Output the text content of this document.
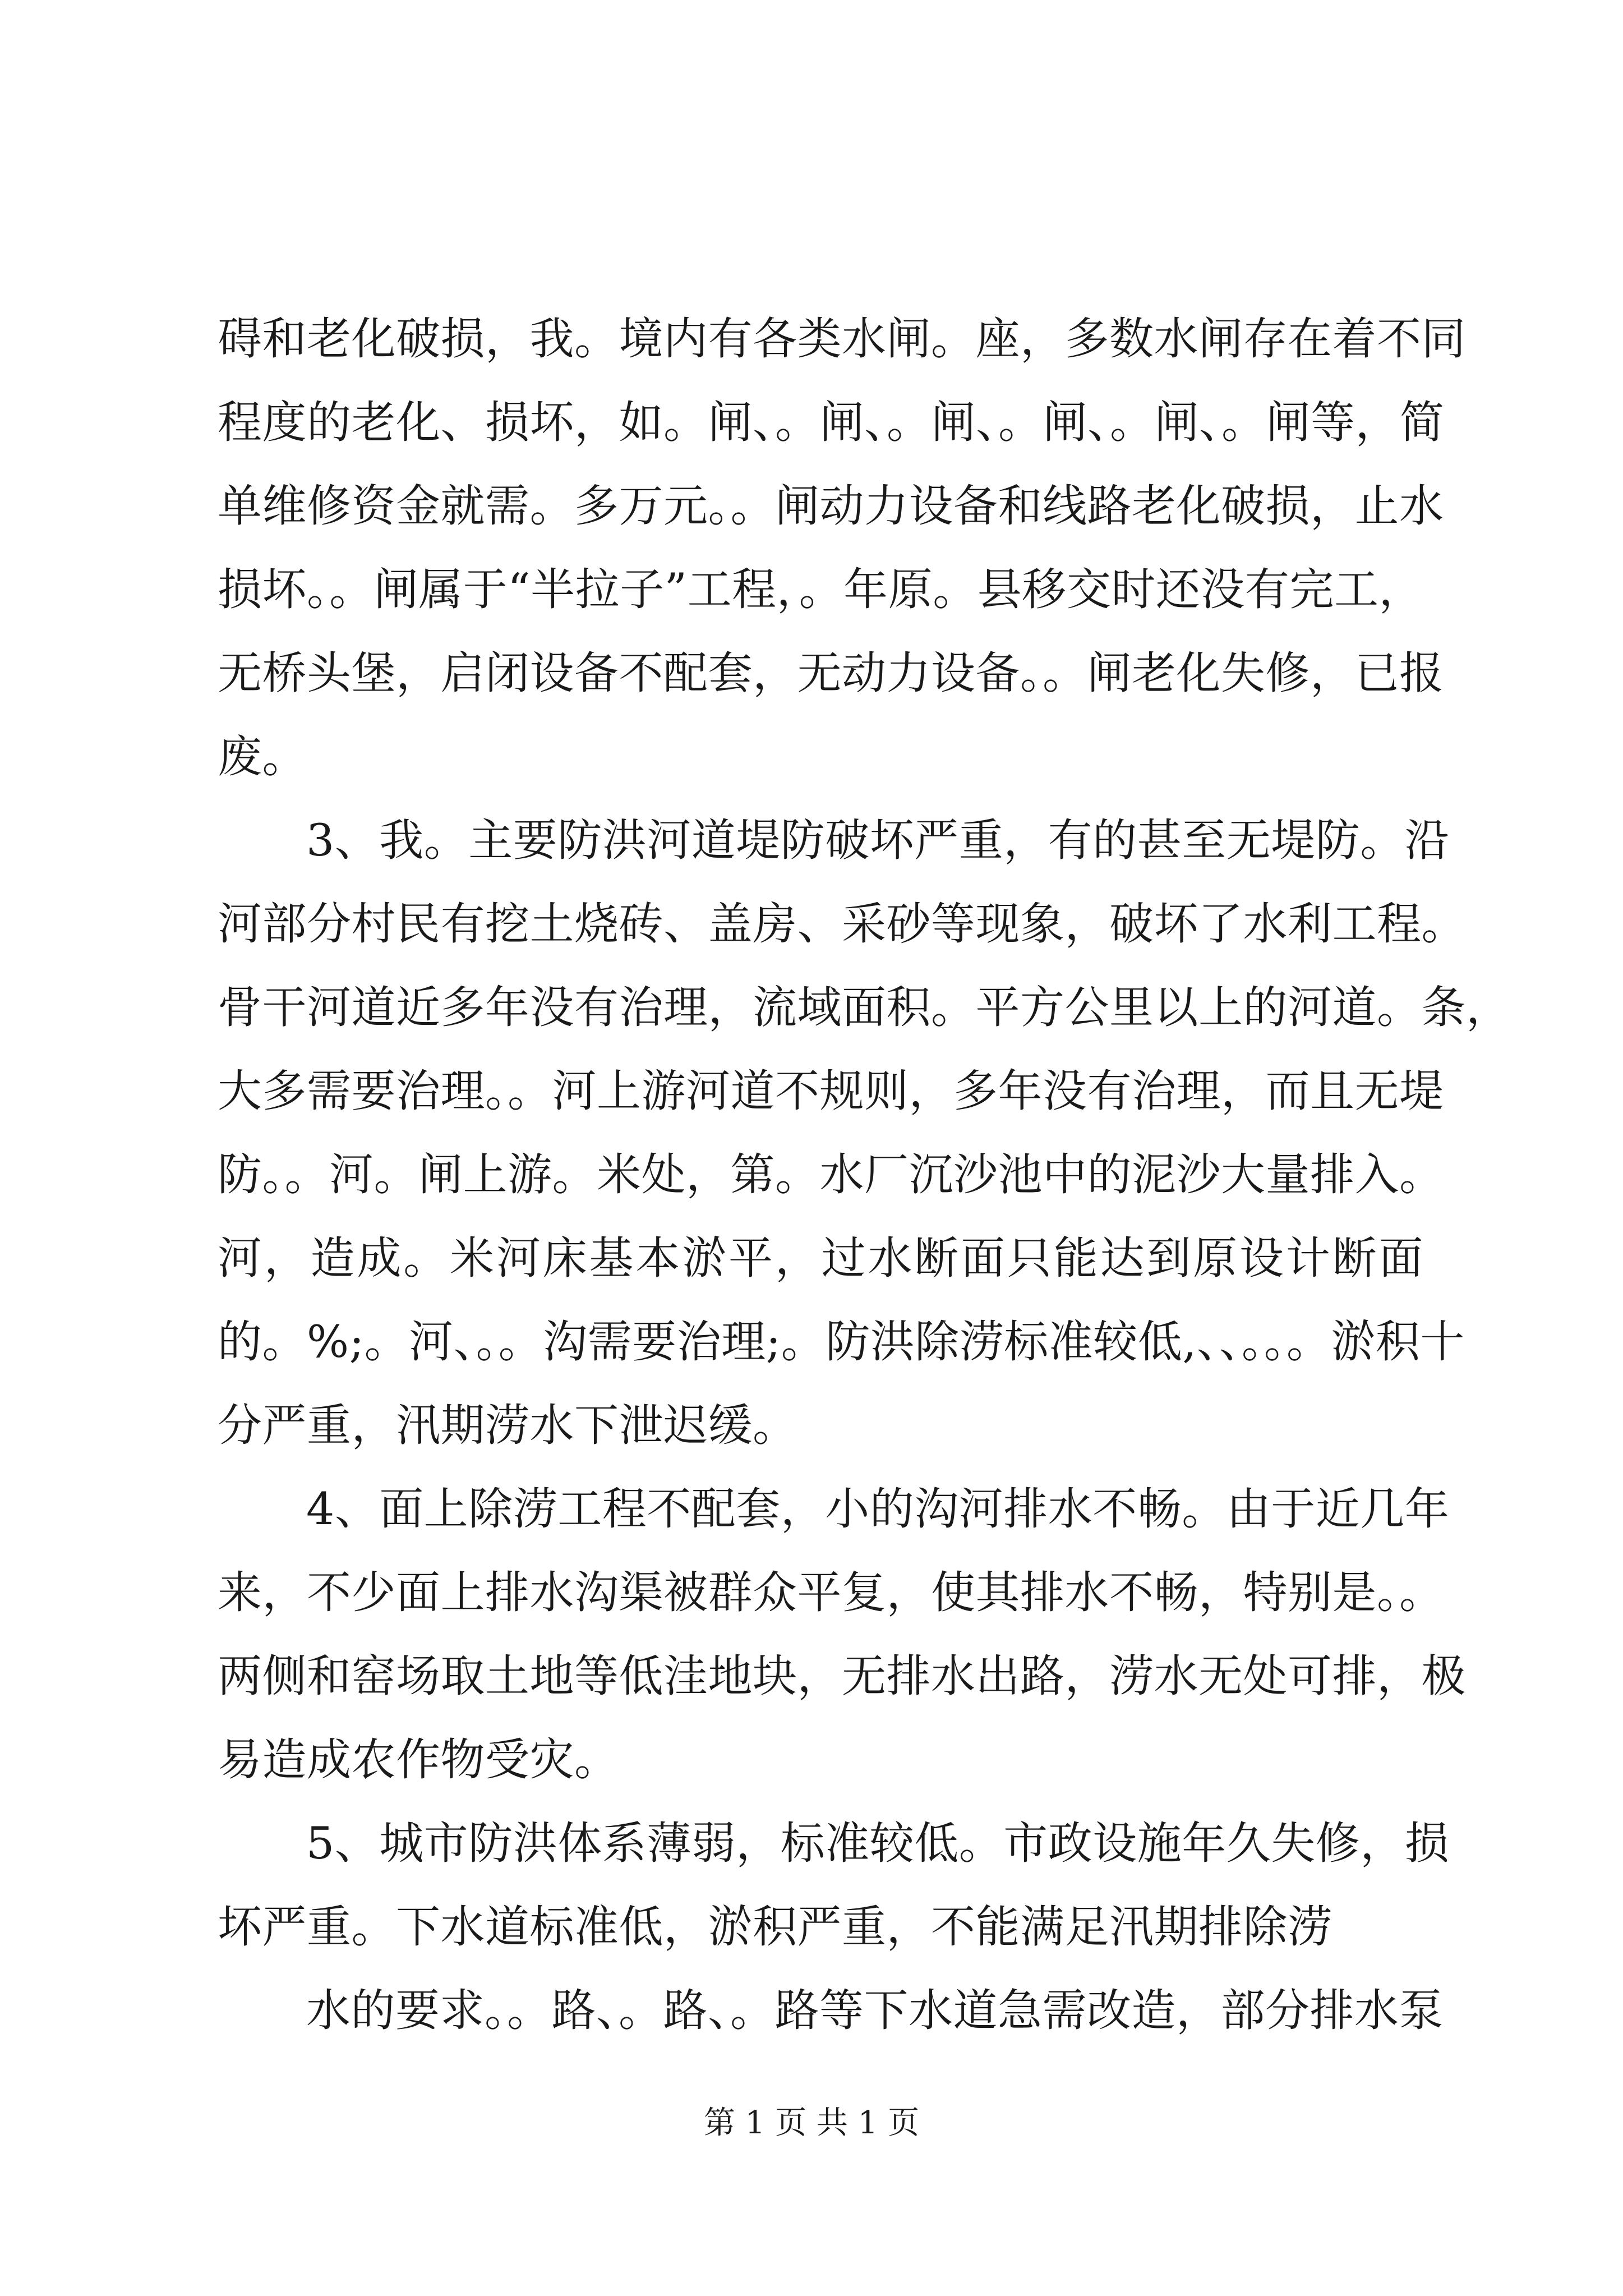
碍和老化破损，我。境内有各类水闸。座，多数水闸存在着不同
程度的老化、损坏，如。闸、。闸、。闸、。闸、。闸、。闸等，简
单维修资金就需。多万元。。闸动力设备和线路老化破损，止水
损坏。。闸属于“半拉子”工程，。年原。县移交时还没有完工，
无桥头堡，启闭设备不配套，无动力设备。。闸老化失修，已报
废。
3、我。主要防洪河道堤防破坏严重，有的甚至无堤防。沿
河部分村民有挖土烧砖、盖房、采砂等现象，破坏了水利工程。
骨干河道近多年没有治理，流域面积。平方公里以上的河道。条，
大多需要治理。。河上游河道不规则，多年没有治理，而且无堤
防。。河。闸上游。米处，第。水厂沉沙池中的泥沙大量排入。
河，造成。米河床基本淤平，过水断面只能达到原设计断面
的。%;。河、。。沟需要治理;。防洪除涝标准较低,、、。。。淤积十
分严重，汛期涝水下泄迟缓。
4、面上除涝工程不配套，小的沟河排水不畅。由于近几年
来，不少面上排水沟渠被群众平复，使其排水不畅，特别是。。
两侧和窑场取土地等低洼地块，无排水出路，涝水无处可排，极
易造成农作物受灾。
5、城市防洪体系薄弱，标准较低。市政设施年久失修，损
坏严重。下水道标准低，淤积严重，不能满足汛期排除涝
水的要求。。路、。路、。路等下水道急需改造，部分排水泵
第 1 页 共 1 页
